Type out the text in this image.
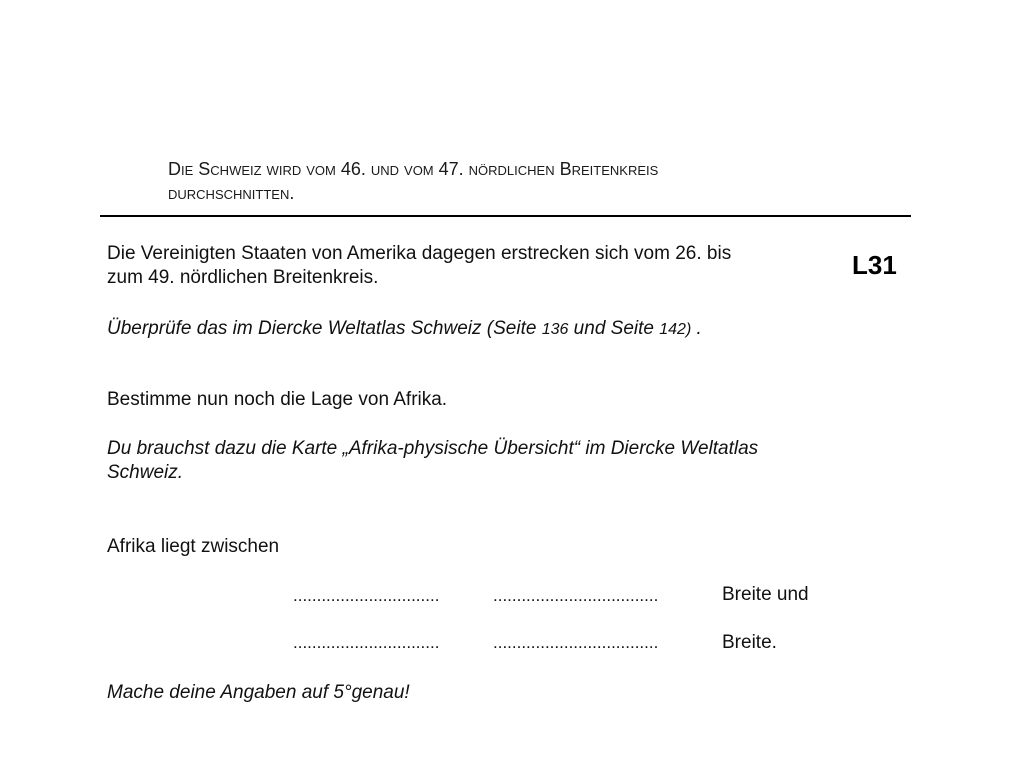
Die Schweiz wird vom 46. und vom 47. nördlichen Breitenkreis
durchschnitten.
Die Vereinigten Staaten von Amerika dagegen erstrecken sich vom 26. bis
zum 49. nördlichen Breitenkreis.	L31
Überprüfe das im Diercke Weltatlas Schweiz (Seite 136 und Seite 142) .
Bestimme nun noch die Lage von Afrika.
Du brauchst dazu die Karte „Afrika-physische Übersicht“ im Diercke Weltatlas
Schweiz.
Afrika liegt zwischen
...............................	...................................	Breite und
...............................	...................................	Breite.
Mache deine Angaben auf 5°genau!
